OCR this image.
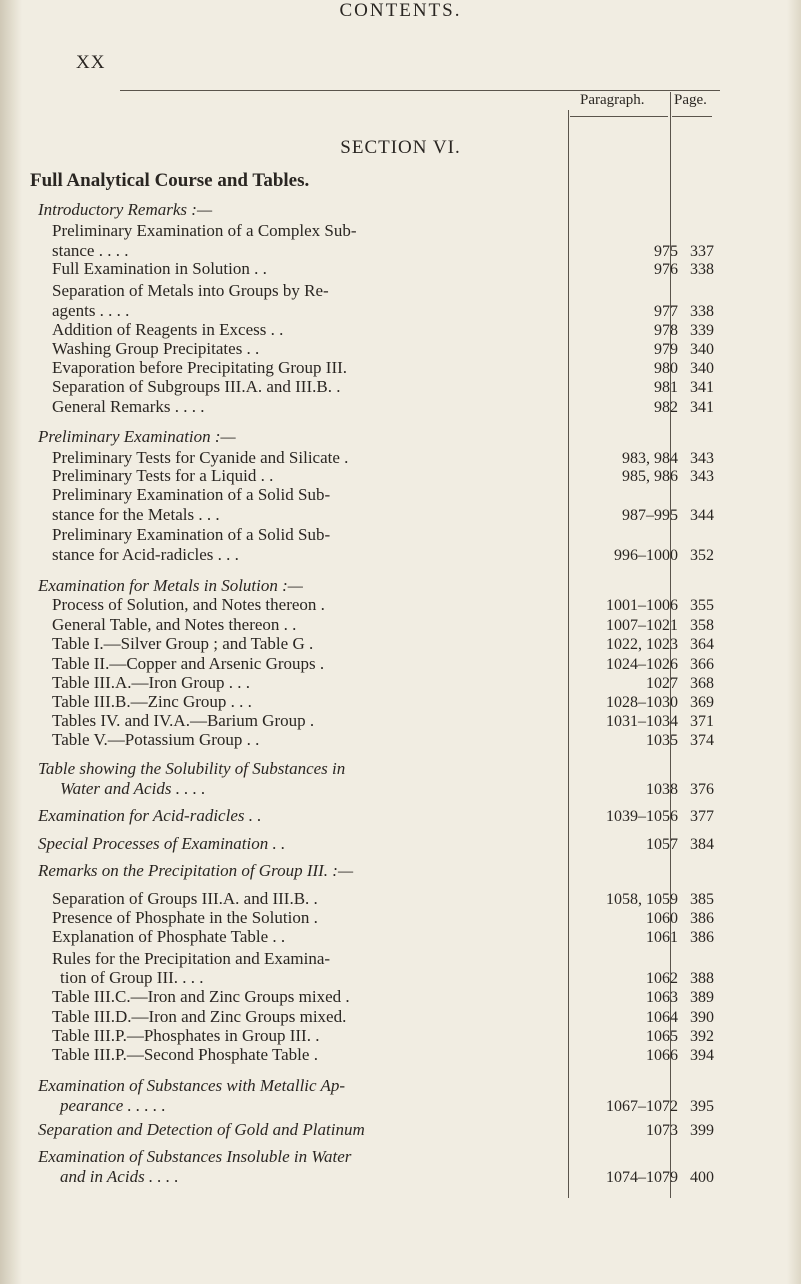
XX
CONTENTS.
Paragraph. Page.
SECTION VI.
Full Analytical Course and Tables.
Introductory Remarks :—
Preliminary Examination of a Complex Sub-
stance . . . .	975 337
Full Examination in Solution . .	976 338
Separation of Metals into Groups by Re-
agents . . . .	977 338
Addition of Reagents in Excess . .	978 339
Washing Group Precipitates . .	979 340
Evaporation before Precipitating Group III.	980 340
Separation of Subgroups III.A. and III.B. .	981 341
General Remarks . . . .	982 341
Preliminary Examination :—
Preliminary Tests for Cyanide and Silicate .	983, 984 343
Preliminary Tests for a Liquid . .	985, 986 343
Preliminary Examination of a Solid Sub-
stance for the Metals . . .	987–995 344
Preliminary Examination of a Solid Sub-
stance for Acid-radicles . . .	996–1000 352
Examination for Metals in Solution :—
Process of Solution, and Notes thereon .	1001–1006 355
General Table, and Notes thereon . .	1007–1021 358
Table I.—Silver Group ; and Table G .	1022, 1023 364
Table II.—Copper and Arsenic Groups .	1024–1026 366
Table III.A.—Iron Group . . .	1027 368
Table III.B.—Zinc Group . . .	1028–1030 369
Tables IV. and IV.A.—Barium Group .	1031–1034 371
Table V.—Potassium Group . .	1035 374
Table showing the Solubility of Substances in
Water and Acids . . . .	1038 376
Examination for Acid-radicles . .	1039–1056 377
Special Processes of Examination . .	1057 384
Remarks on the Precipitation of Group III. :—
Separation of Groups III.A. and III.B. .	1058, 1059 385
Presence of Phosphate in the Solution .	1060 386
Explanation of Phosphate Table . .	1061 386
Rules for the Precipitation and Examina-
tion of Group III. . . .	1062 388
Table III.C.—Iron and Zinc Groups mixed .	1063 389
Table III.D.—Iron and Zinc Groups mixed.	1064 390
Table III.P.—Phosphates in Group III. .	1065 392
Table III.P.—Second Phosphate Table .	1066 394
Examination of Substances with Metallic Ap-
pearance . . . . .	1067–1072 395
Separation and Detection of Gold and Platinum	1073 399
Examination of Substances Insoluble in Water
and in Acids . . . .	1074–1079 400
